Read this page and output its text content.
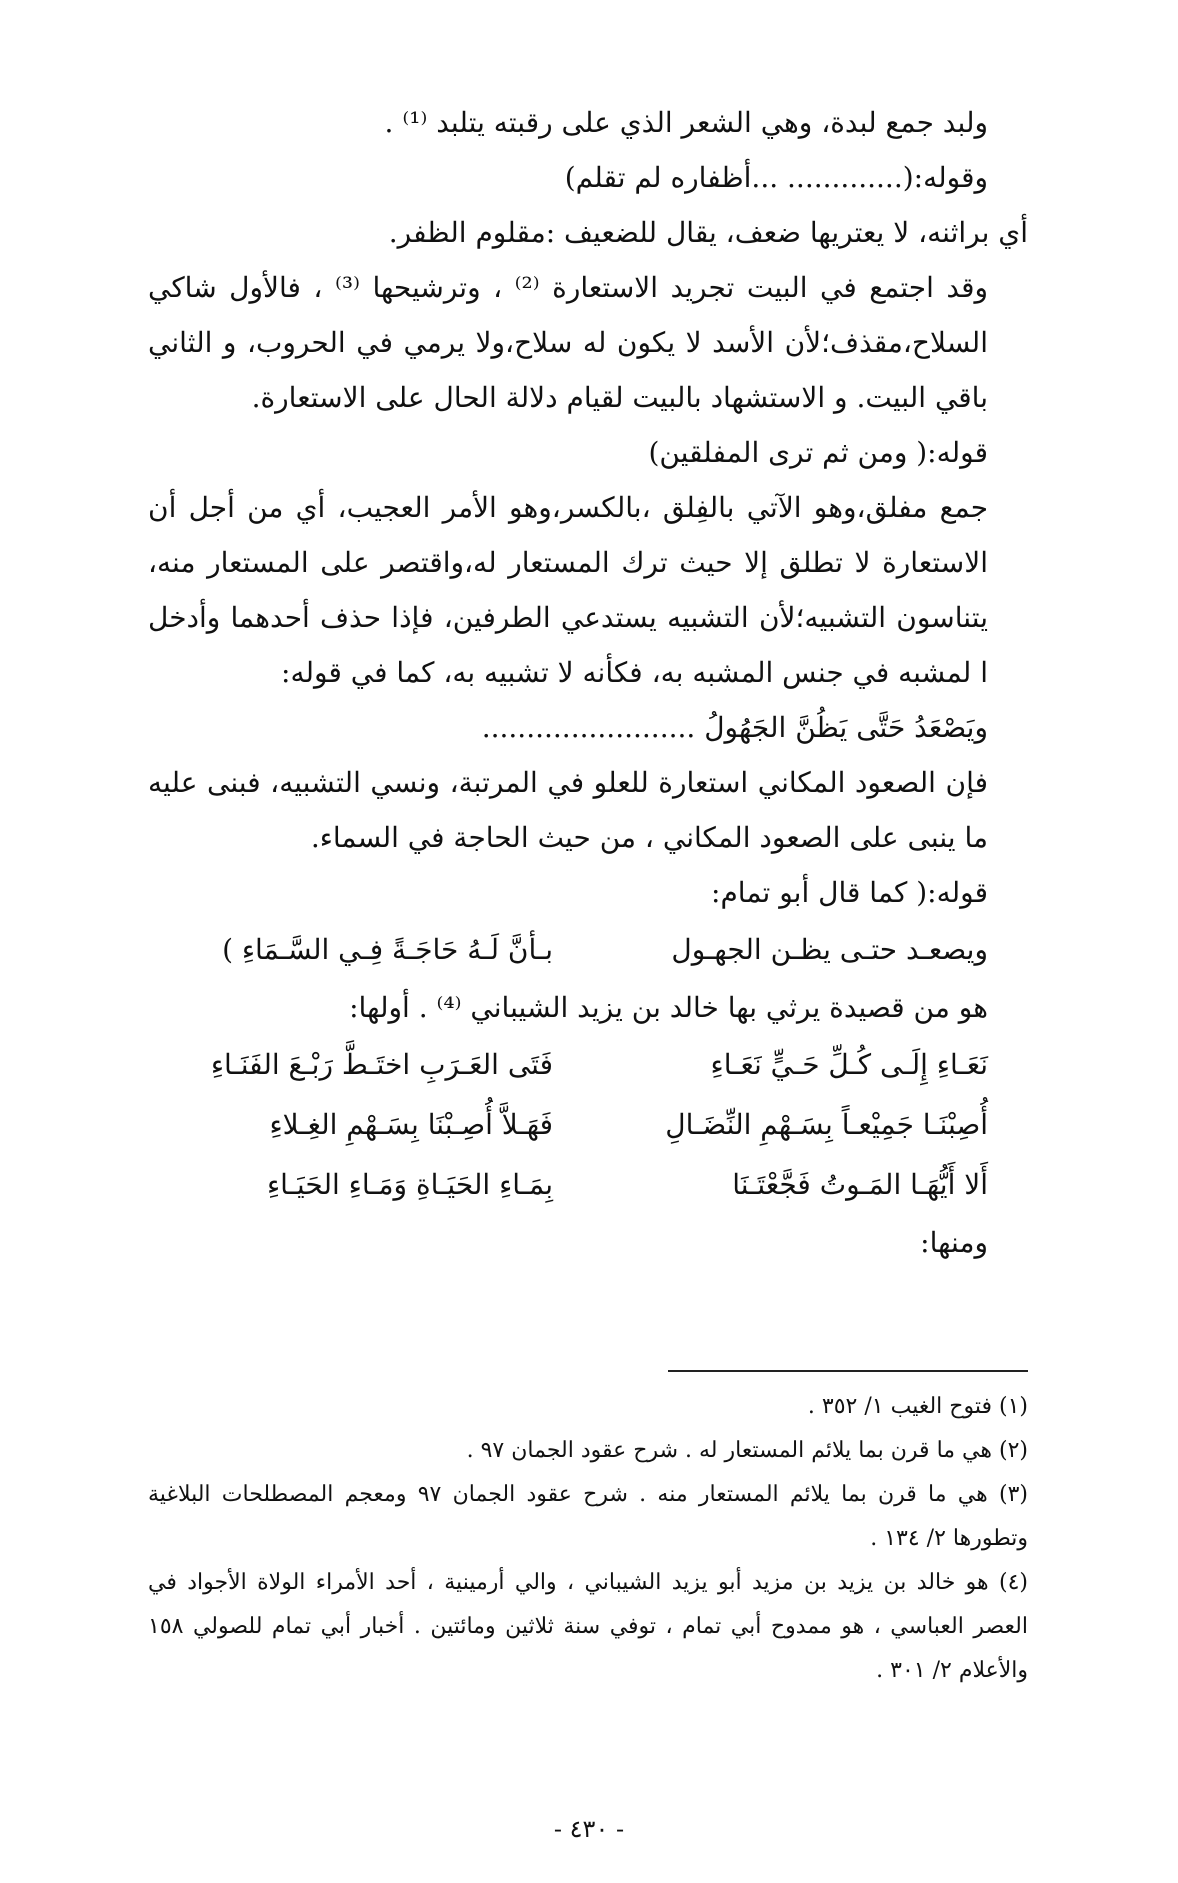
ولبد جمع لبدة، وهي الشعر الذي على رقبته يتلبد ⁽¹⁾ .

وقوله:(............. ...أظفاره لم تقلم)

أي براثنه، لا يعتريها ضعف، يقال للضعيف :مقلوم الظفر.

وقد اجتمع في البيت تجريد الاستعارة ⁽²⁾ ، وترشيحها ⁽³⁾ ، فالأول شاكي السلاح،مقذف؛لأن الأسد لا يكون له سلاح،ولا يرمي في الحروب، و الثاني باقي البيت. و الاستشهاد بالبيت لقيام دلالة الحال على الاستعارة.

قوله:( ومن ثم ترى المفلقين)

جمع مفلق،وهو الآتي بالفِلق ،بالكسر،وهو الأمر العجيب، أي من أجل أن الاستعارة لا تطلق إلا حيث ترك المستعار له،واقتصر على المستعار منه، يتناسون التشبيه؛لأن التشبيه يستدعي الطرفين، فإذا حذف أحدهما وأدخل ا لمشبه في جنس المشبه به، فكأنه لا تشبيه به، كما في قوله:

ويَصْعَدُ حَتَّى يَظُنَّ الجَهُولُ ........................

فإن الصعود المكاني استعارة للعلو في المرتبة، ونسي التشبيه، فبنى عليه ما ينبى على الصعود المكاني ، من حيث الحاجة في السماء.

قوله:( كما قال أبو تمام:

ويصعـد حتـى يظـن الجهـول
بـأنَّ لَـهُ حَاجَـةً فِـي السَّـمَاءِ )

هو من قصيدة يرثي بها خالد بن يزيد الشيباني ⁽⁴⁾ . أولها:

نَعَـاءِ إِلَـى كُـلِّ حَـيٍّ نَعَـاءِ
فَتَى العَـرَبِ اختَـطَّ رَبْـعَ الفَنَـاءِ
أُصِبْنَـا جَمِيْعـاً بِسَـهْمِ النِّضَـالِ
فَهَـلاَّ أُصِـبْنَا بِسَـهْمِ الغِـلاءِ
أَلا أَيُّهَـا المَـوتُ فَجَّعْتَـنَا
بِمَـاءِ الحَيَـاةِ وَمَـاءِ الحَيَـاءِ

ومنها:

(١) فتوح الغيب ١/ ٣٥٢ .

(٢) هي ما قرن بما يلائم المستعار له . شرح عقود الجمان ٩٧ .

(٣) هي ما قرن بما يلائم المستعار منه . شرح عقود الجمان ٩٧ ومعجم المصطلحات البلاغية وتطورها ٢/ ١٣٤ .

(٤) هو خالد بن يزيد بن مزيد أبو يزيد الشيباني ، والي أرمينية ، أحد الأمراء الولاة الأجواد في العصر العباسي ، هو ممدوح أبي تمام ، توفي سنة ثلاثين ومائتين . أخبار أبي تمام للصولي ١٥٨ والأعلام ٢/ ٣٠١ .

- ٤٣٠ -
